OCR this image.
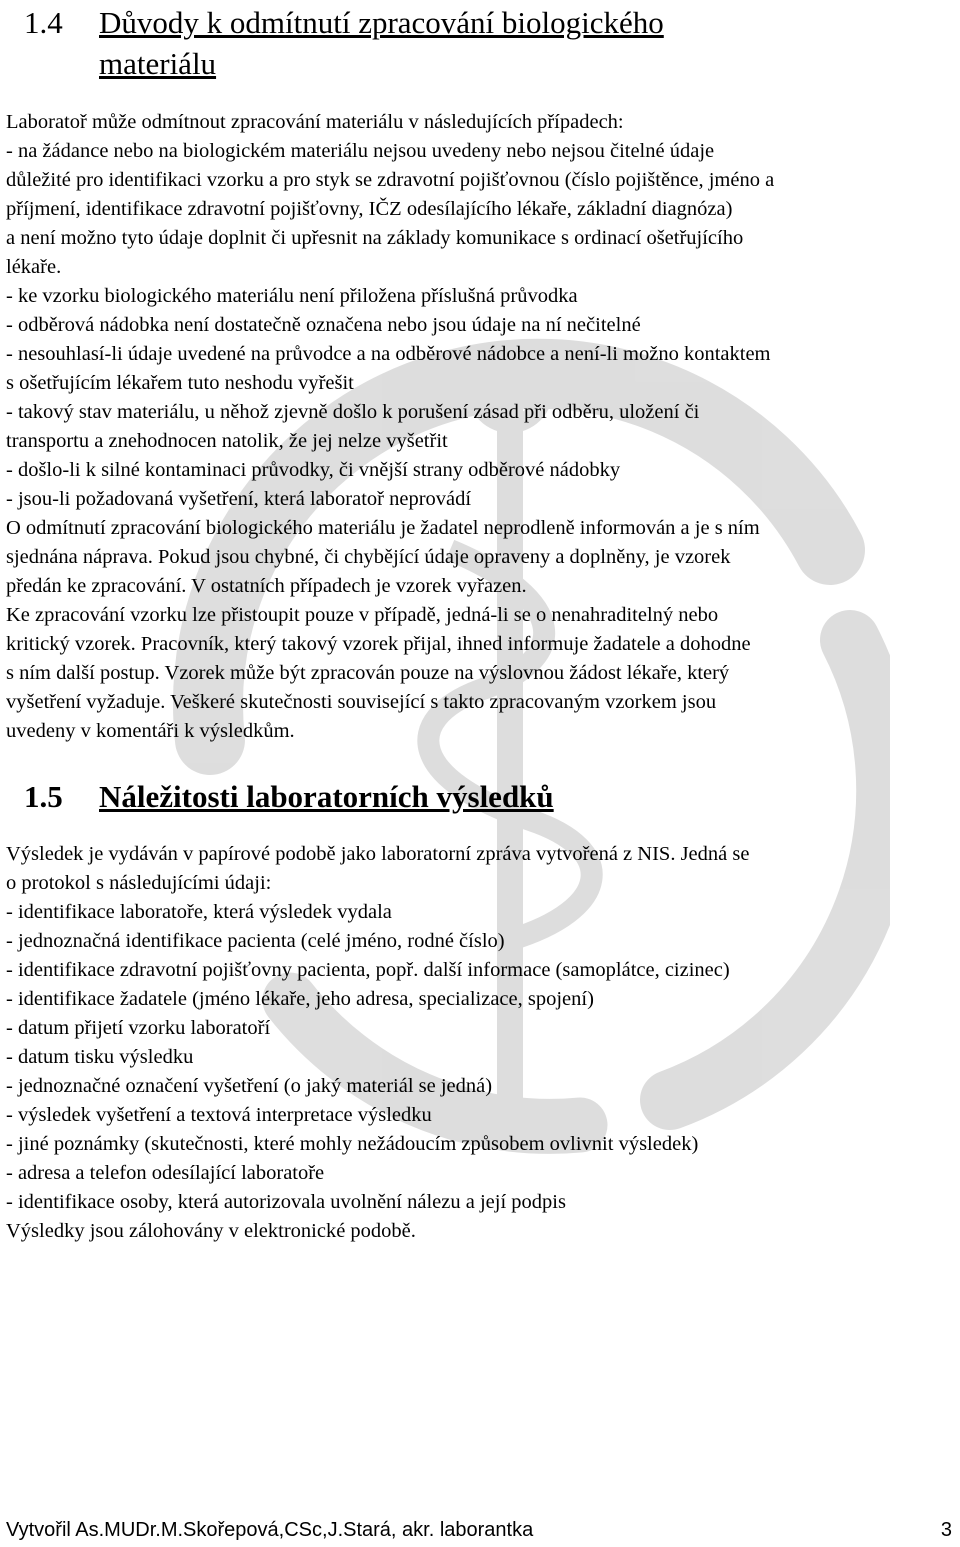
1.4 Důvody k odmítnutí zpracování biologického
materiálu
Laboratoř může odmítnout zpracování materiálu v následujících případech:
- na žádance nebo na biologickém materiálu nejsou uvedeny nebo nejsou čitelné údaje
důležité pro identifikaci vzorku a pro styk se zdravotní pojišťovnou (číslo pojištěnce, jméno a
příjmení, identifikace zdravotní pojišťovny, IČZ odesílajícího lékaře, základní diagnóza)
a není možno tyto údaje doplnit či upřesnit na základy komunikace s ordinací ošetřujícího
lékaře.
- ke vzorku biologického materiálu není přiložena příslušná průvodka
- odběrová nádobka není dostatečně označena nebo jsou údaje na ní nečitelné
- nesouhlasí-li údaje uvedené na průvodce a na odběrové nádobce a není-li možno kontaktem
s ošetřujícím lékařem tuto neshodu vyřešit
- takový stav materiálu, u něhož zjevně došlo k porušení zásad při odběru, uložení či
transportu a znehodnocen natolik, že jej nelze vyšetřit
- došlo-li k silné kontaminaci průvodky, či vnější strany odběrové nádobky
- jsou-li požadovaná vyšetření, která laboratoř neprovádí
O odmítnutí zpracování biologického materiálu je žadatel neprodleně informován a je s ním
sjednána náprava. Pokud jsou chybné, či chybějící údaje opraveny a doplněny, je vzorek
předán ke zpracování. V ostatních případech je vzorek vyřazen.
Ke zpracování vzorku lze přistoupit pouze v případě, jedná-li se o nenahraditelný nebo
kritický vzorek. Pracovník, který takový vzorek přijal, ihned informuje žadatele a dohodne
s ním další postup. Vzorek může být zpracován pouze na výslovnou žádost lékaře, který
vyšetření vyžaduje. Veškeré skutečnosti související s takto zpracovaným vzorkem jsou
uvedeny v komentáři k výsledkům.
1.5 Náležitosti laboratorních výsledků
Výsledek je vydáván v papírové podobě jako laboratorní zpráva vytvořená z NIS. Jedná se
o protokol s následujícími údaji:
- identifikace laboratoře, která výsledek vydala
- jednoznačná identifikace pacienta (celé jméno, rodné číslo)
- identifikace zdravotní pojišťovny pacienta, popř. další informace (samoplátce, cizinec)
- identifikace žadatele (jméno lékaře, jeho adresa, specializace, spojení)
- datum přijetí vzorku laboratoří
- datum tisku výsledku
- jednoznačné označení vyšetření (o jaký materiál se jedná)
- výsledek vyšetření a textová interpretace výsledku
- jiné poznámky (skutečnosti, které mohly nežádoucím způsobem ovlivnit výsledek)
- adresa a telefon odesílající laboratoře
- identifikace osoby, která autorizovala uvolnění nálezu a její podpis
Výsledky jsou zálohovány v elektronické podobě.
Vytvořil As.MUDr.M.Skořepová,CSc,J.Stará, akr. laborantka	3
